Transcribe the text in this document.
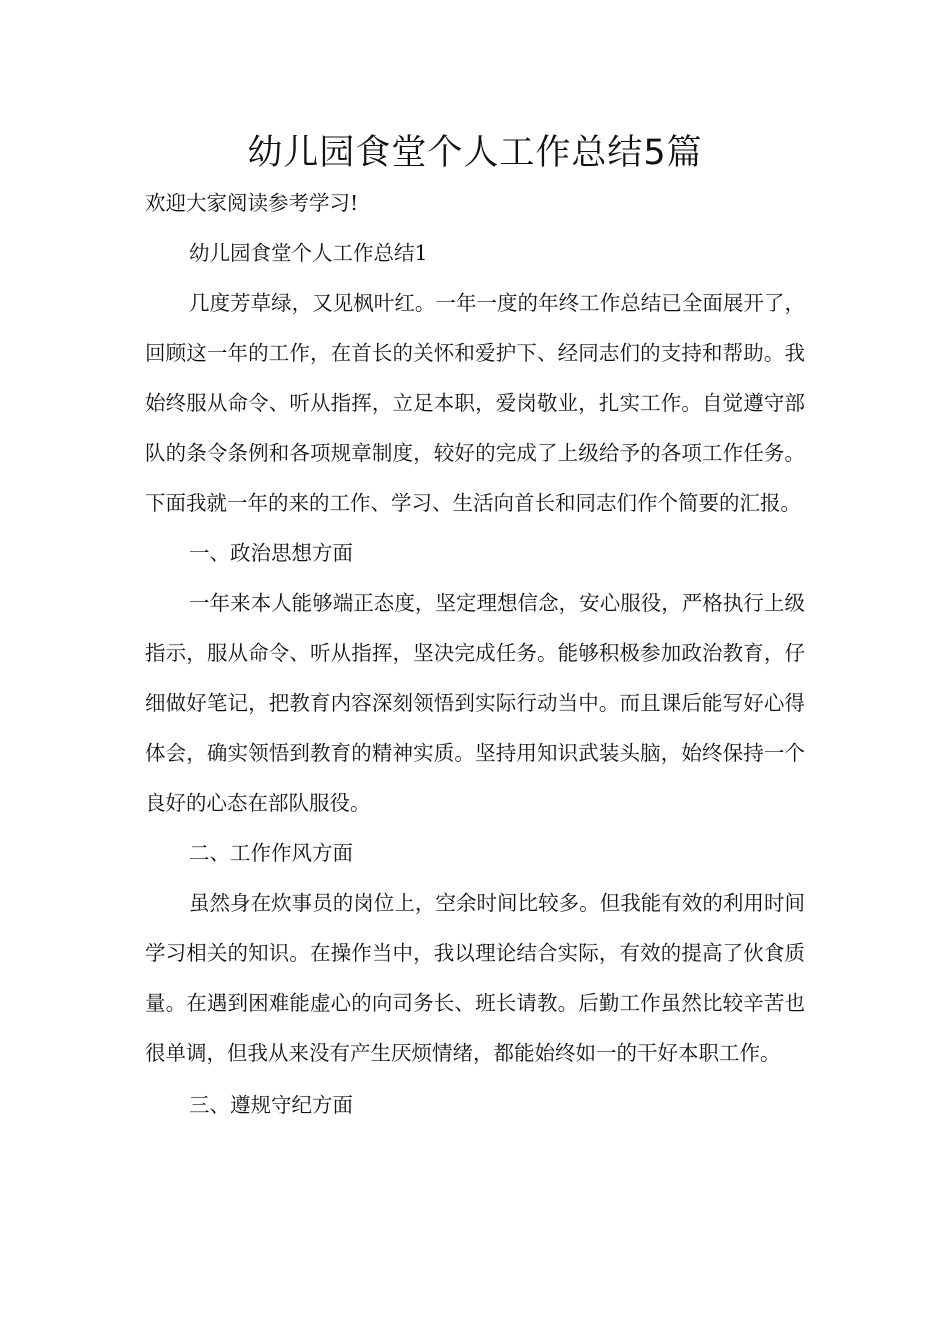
幼儿园食堂个人工作总结5篇

欢迎大家阅读参考学习!

幼儿园食堂个人工作总结1

几度芳草绿，又见枫叶红。一年一度的年终工作总结已全面展开了，回顾这一年的工作，在首长的关怀和爱护下、经同志们的支持和帮助。我始终服从命令、听从指挥，立足本职，爱岗敬业，扎实工作。自觉遵守部队的条令条例和各项规章制度，较好的完成了上级给予的各项工作任务。下面我就一年的来的工作、学习、生活向首长和同志们作个简要的汇报。

一、政治思想方面

一年来本人能够端正态度，坚定理想信念，安心服役，严格执行上级指示，服从命令、听从指挥，坚决完成任务。能够积极参加政治教育，仔细做好笔记，把教育内容深刻领悟到实际行动当中。而且课后能写好心得体会，确实领悟到教育的精神实质。坚持用知识武装头脑，始终保持一个良好的心态在部队服役。

二、工作作风方面

虽然身在炊事员的岗位上，空余时间比较多。但我能有效的利用时间学习相关的知识。在操作当中，我以理论结合实际，有效的提高了伙食质量。在遇到困难能虚心的向司务长、班长请教。后勤工作虽然比较辛苦也很单调，但我从来没有产生厌烦情绪，都能始终如一的干好本职工作。

三、遵规守纪方面
